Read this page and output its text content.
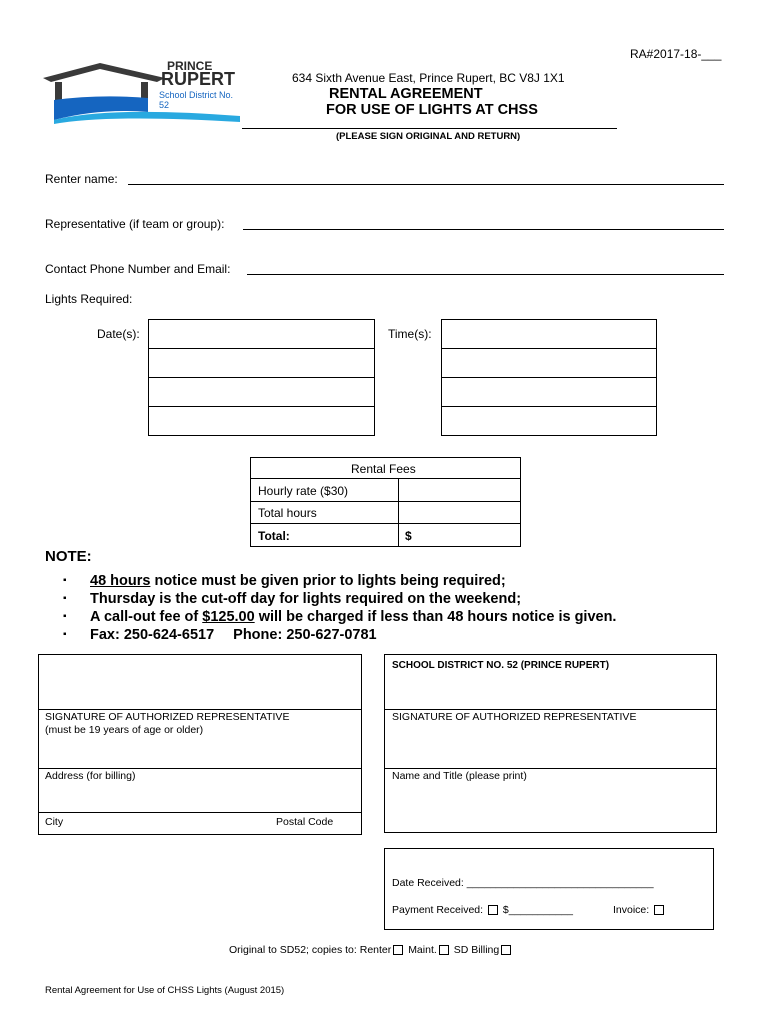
RA#2017-18-___
PRINCE
RUPERT
School District No. 52
634 Sixth Avenue East, Prince Rupert, BC V8J 1X1
RENTAL AGREEMENT
FOR USE OF LIGHTS AT CHSS
(PLEASE SIGN ORIGINAL AND RETURN)
Renter name:
Representative (if team or group):
Contact Phone Number and Email:
Lights Required:
Date(s):	Time(s):
Rental Fees
Hourly rate ($30)
Total hours
Total:	$
NOTE:
▪ 48 hours notice must be given prior to lights being required;
▪ Thursday is the cut-off day for lights required on the weekend;
▪ A call-out fee of $125.00 will be charged if less than 48 hours notice is given.
▪ Fax: 250-624-6517 Phone: 250-627-0781
SIGNATURE OF AUTHORIZED REPRESENTATIVE
(must be 19 years of age or older)
Address (for billing)
City	Postal Code
SCHOOL DISTRICT NO. 52 (PRINCE RUPERT)
SIGNATURE OF AUTHORIZED REPRESENTATIVE
Name and Title (please print)
Date Received: ________________________________
Payment Received: $___________	Invoice:
Original to SD52; copies to: Renter Maint. SD Billing
Rental Agreement for Use of CHSS Lights (August 2015)
